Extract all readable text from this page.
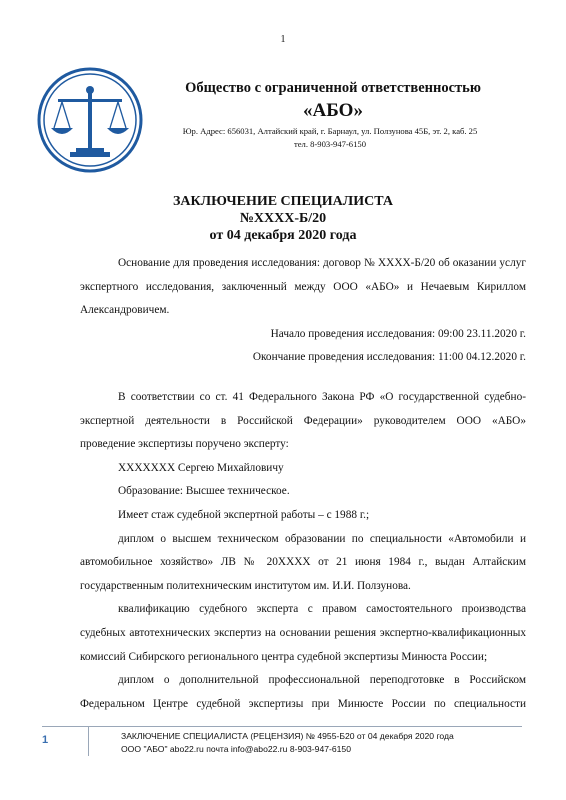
1
Общество с ограниченной ответственностью
«АБО»
Юр. Адрес: 656031, Алтайский край, г. Барнаул, ул. Ползунова 45Б, эт. 2, каб. 25
тел. 8-903-947-6150
ЗАКЛЮЧЕНИЕ СПЕЦИАЛИСТА
№XXXX-Б/20
от 04 декабря 2020 года

Основание для проведения исследования: договор № XXXX-Б/20 об оказании услуг экспертного исследования, заключенный между ООО «АБО» и Нечаевым Кириллом Александровичем.

Начало проведения исследования: 09:00 23.11.2020 г.

Окончание проведения исследования: 11:00 04.12.2020 г.

В соответствии со ст. 41 Федерального Закона РФ «О государственной судебно-экспертной деятельности в Российской Федерации» руководителем ООО «АБО» проведение экспертизы поручено эксперту:

XXXXXXX Сергею Михайловичу

Образование: Высшее техническое.

Имеет стаж судебной экспертной работы – с 1988 г.;

диплом о высшем техническом образовании по специальности «Автомобили и автомобильное хозяйство» ЛВ № 20XXXX от 21 июня 1984 г., выдан Алтайским государственным политехническим институтом им. И.И. Ползунова.

квалификацию судебного эксперта с правом самостоятельного производства судебных автотехнических экспертиз на основании решения экспертно-квалификационных комиссий Сибирского регионального центра судебной экспертизы Минюста России;

диплом о дополнительной профессиональной переподготовке в Российском

Федеральном Центре судебной экспертизы при Минюсте России по специальности

1	ЗАКЛЮЧЕНИЕ СПЕЦИАЛИСТА (РЕЦЕНЗИЯ) № 4955-Б20 от 04 декабря 2020 года
ООО "АБО" abo22.ru почта info@abo22.ru 8-903-947-6150
